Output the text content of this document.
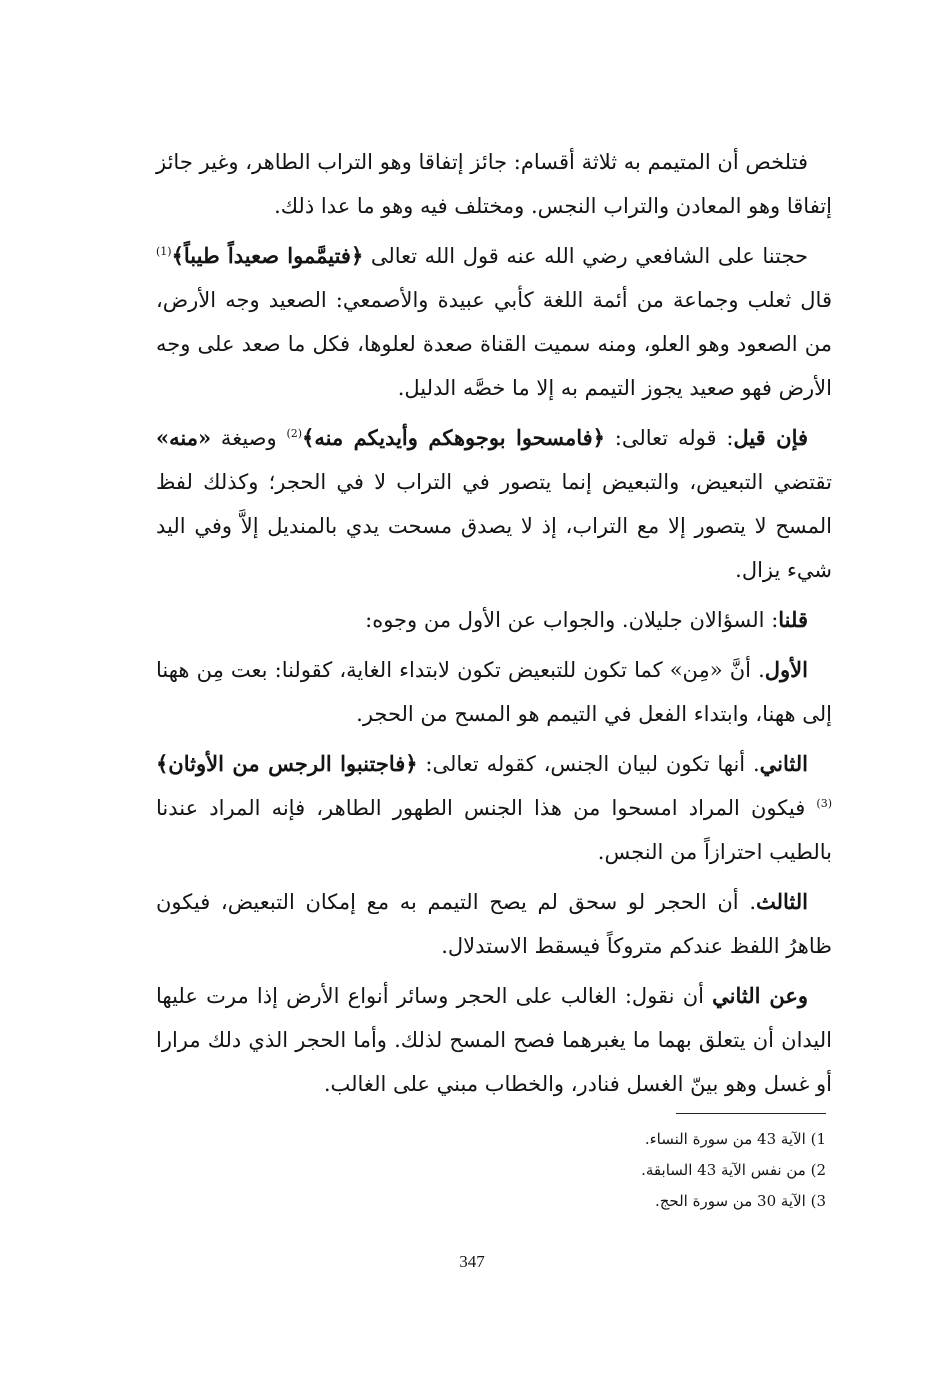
فتلخص أن المتيمم به ثلاثة أقسام: جائز إتفاقا وهو التراب الطاهر، وغير جائز إتفاقا وهو المعادن والتراب النجس. ومختلف فيه وهو ما عدا ذلك.

حجتنا على الشافعي رضي الله عنه قول الله تعالى ﴿فتيمَّموا صعيداً طيباً﴾$^{(1)}$ قال ثعلب وجماعة من أئمة اللغة كأبي عبيدة والأصمعي: الصعيد وجه الأرض، من الصعود وهو العلو، ومنه سميت القناة صعدة لعلوها، فكل ما صعد على وجه الأرض فهو صعيد يجوز التيمم به إلا ما خصَّه الدليل.

فإن قيل: قوله تعالى: ﴿فامسحوا بوجوهكم وأيديكم منه﴾$^{(2)}$ وصيغة «منه» تقتضي التبعيض، والتبعيض إنما يتصور في التراب لا في الحجر؛ وكذلك لفظ المسح لا يتصور إلا مع التراب، إذ لا يصدق مسحت يدي بالمنديل إلاَّ وفي اليد شيء يزال.

قلنا: السؤالان جليلان. والجواب عن الأول من وجوه:

الأول. أنَّ «مِن» كما تكون للتبعيض تكون لابتداء الغاية، كقولنا: بعت مِن ههنا إلى ههنا، وابتداء الفعل في التيمم هو المسح من الحجر.

الثاني. أنها تكون لبيان الجنس، كقوله تعالى: ﴿فاجتنبوا الرجس من الأوثان﴾$^{(3)}$ فيكون المراد امسحوا من هذا الجنس الطهور الطاهر، فإنه المراد عندنا بالطيب احترازاً من النجس.

الثالث. أن الحجر لو سحق لم يصح التيمم به مع إمكان التبعيض، فيكون ظاهرُ اللفظ عندكم متروكاً فيسقط الاستدلال.

وعن الثاني أن نقول: الغالب على الحجر وسائر أنواع الأرض إذا مرت عليها اليدان أن يتعلق بهما ما يغبرهما فصح المسح لذلك. وأما الحجر الذي دلك مرارا أو غسل وهو بينّ الغسل فنادر، والخطاب مبني على الغالب.

1) الآية 43 من سورة النساء.
2) من نفس الآية 43 السابقة.
3) الآية 30 من سورة الحج.
347
